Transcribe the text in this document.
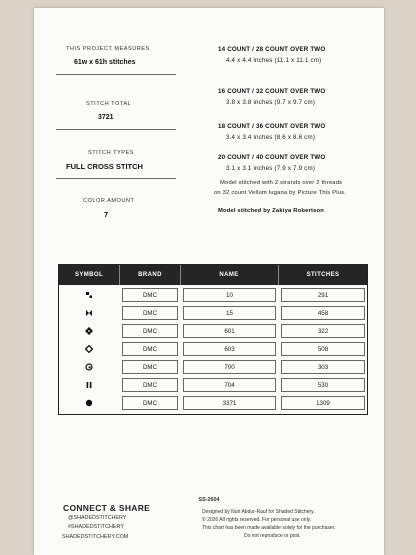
THIS PROJECT MEASURES
61w x 61h stitches
STITCH TOTAL
3721
STITCH TYPES
FULL CROSS STITCH
COLOR AMOUNT
7
14 COUNT / 28 COUNT OVER TWO
4.4 x 4.4 inches (11.1 x 11.1 cm)
16 COUNT / 32 COUNT OVER TWO
3.8 x 3.8 inches (9.7 x 9.7 cm)
18 COUNT / 36 COUNT OVER TWO
3.4 x 3.4 inches (8.6 x 8.6 cm)
20 COUNT / 40 COUNT OVER TWO
3.1 x 3.1 inches (7.9 x 7.9 cm)
Model stitched with 2 strands over 2 threads
on 32 count Vellum lugana by Picture This Plus.
Model stitched by Zakiya Robertson
SYMBOL	BRAND	NAME	STITCHES
DMC	10	291
DMC	15	458
DMC	601	322
DMC	603	508
DMC	700	303
DMC	704	530
DMC	3371	1309
CONNECT & SHARE
@SHADEDSTITCHERY
#SHADEDSTITCHERY
SHADEDSTITCHERY.COM
SS-2604
Designed by Nuri Abdur-Rauf for Shaded Stitchery.
© 2026 All rights reserved. For personal use only.
This chart has been made available solely for the purchaser.
Do not reproduce or post.
